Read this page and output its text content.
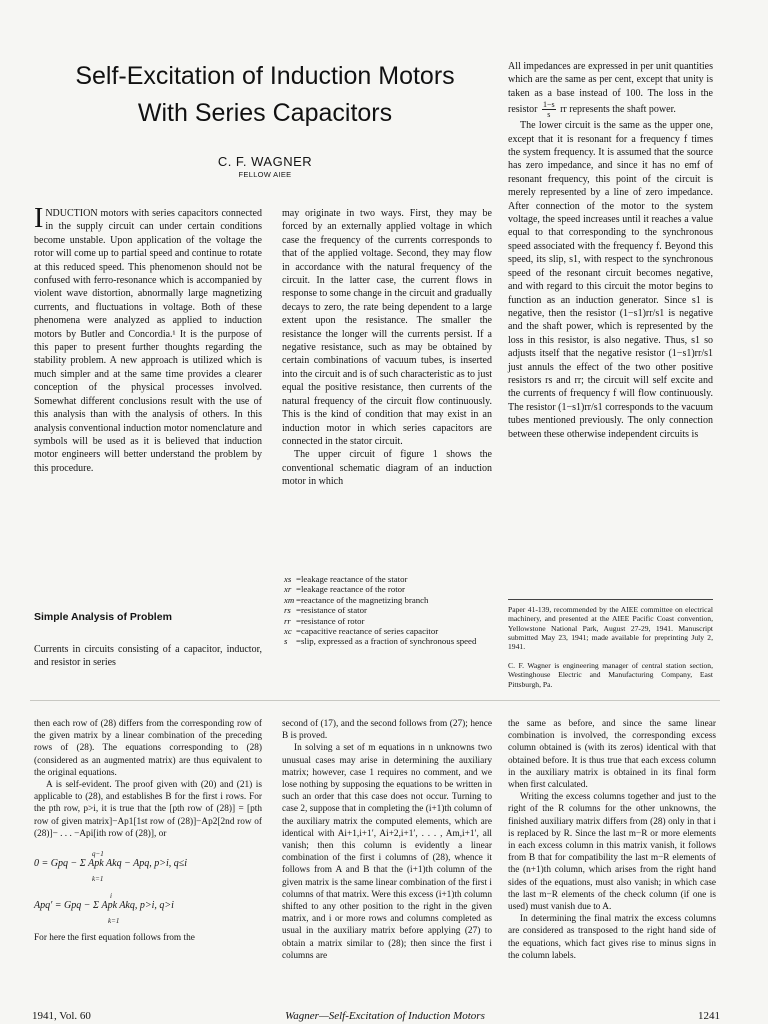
Self-Excitation of Induction Motors
With Series Capacitors
C. F. WAGNER
FELLOW AIEE

INDUCTION motors with series capacitors connected in the supply circuit can under certain conditions become unstable. Upon application of the voltage the rotor will come up to partial speed and continue to rotate at this reduced speed. This phenomenon should not be confused with ferro-resonance which is accompanied by violent wave distortion, abnormally large magnetizing currents, and fluctuations in voltage. Both of these phenomena were analyzed as applied to induction motors by Butler and Concordia.¹ It is the purpose of this paper to present further thoughts regarding the stability problem. A new approach is utilized which is much simpler and at the same time provides a clearer conception of the physical processes involved. Somewhat different conclusions result with the use of this analysis than with the analysis of others. In this analysis conventional induction motor nomenclature and symbols will be used as it is believed that induction motor engineers will better understand the problem by this procedure.

Simple Analysis of Problem

Currents in circuits consisting of a capacitor, inductor, and resistor in series

may originate in two ways. First, they may be forced by an externally applied voltage in which case the frequency of the currents corresponds to that of the applied voltage. Second, they may flow in accordance with the natural frequency of the circuit. In the latter case, the current flows in response to some change in the circuit and gradually decays to zero, the rate being dependent to a large extent upon the resistance. The smaller the resistance the longer will the currents persist. If a negative resistance, such as may be obtained by certain combinations of vacuum tubes, is inserted into the circuit and is of such characteristic as to just equal the positive resistance, then currents of the natural frequency of the circuit flow continuously. This is the kind of condition that may exist in an induction motor in which series capacitors are connected in the stator circuit.

The upper circuit of figure 1 shows the conventional schematic diagram of an induction motor in which

xs =leakage reactance of the stator
xr =leakage reactance of the rotor
xm =reactance of the magnetizing branch
rs =resistance of stator
rr =resistance of rotor
xc =capacitive reactance of series capacitor
s =slip, expressed as a fraction of synchronous speed

All impedances are expressed in per unit quantities which are the same as per cent, except that unity is taken as a base instead of 100. The loss in the resistor $\frac{1-s}{s}$ rr represents the shaft power.

The lower circuit is the same as the upper one, except that it is resonant for a frequency f times the system frequency. It is assumed that the source has zero impedance, and since it has no emf of resonant frequency, this point of the circuit is merely represented by a line of zero impedance. After connection of the motor to the system voltage, the speed increases until it reaches a value equal to that corresponding to the synchronous speed associated with the frequency f. Beyond this speed, its slip, s1, with respect to the synchronous speed of the resonant circuit becomes negative, and with regard to this circuit the motor begins to function as an induction generator. Since s1 is negative, then the resistor (1−s1)rr/s1 is negative and the shaft power, which is represented by the loss in this resistor, is also negative. Thus, s1 so adjusts itself that the negative resistor (1−s1)rr/s1 just annuls the effect of the two other positive resistors rs and rr; the circuit will self excite and the currents of frequency f will flow continuously. The resistor (1−s1)rr/s1 corresponds to the vacuum tubes mentioned previously. The only connection between these otherwise independent circuits is

Paper 41-139, recommended by the AIEE committee on electrical machinery, and presented at the AIEE Pacific Coast convention, Yellowstone National Park, August 27-29, 1941. Manuscript submitted May 23, 1941; made available for preprinting July 2, 1941.
C. F. Wagner is engineering manager of central station section, Westinghouse Electric and Manufacturing Company, East Pittsburgh, Pa.

then each row of (28) differs from the corresponding row of the given matrix by a linear combination of the preceding rows of (28). The equations corresponding to (28) (considered as an augmented matrix) are thus equivalent to the original equations.

A is self-evident. The proof given with (20) and (21) is applicable to (28), and establishes B for the first i rows. For the pth row, p>i, it is true that the [pth row of (28)] = [pth row of given matrix]−Ap1[1st row of (28)]−Ap2[2nd row of (28)]− . . . −Api[ith row of (28)], or

q−1
0 = Gpq − Σ Apk Akq − Apq, p>i, q≤i
k=1
i
Apq′ = Gpq − Σ Apk Akq, p>i, q>i
k=1

For here the first equation follows from the

second of (17), and the second follows from (27); hence B is proved.

In solving a set of m equations in n unknowns two unusual cases may arise in determining the auxiliary matrix; however, case 1 requires no comment, and we lose nothing by supposing the equations to be written in such an order that this case does not occur. Turning to case 2, suppose that in completing the (i+1)th column of the auxiliary matrix the computed elements, which are identical with Ai+1,i+1′, Ai+2,i+1′, . . . , Am,i+1′, all vanish; then this column is evidently a linear combination of the first i columns of (28), whence it follows from A and B that the (i+1)th column of the given matrix is the same linear combination of the first i columns of that matrix. Were this excess (i+1)th column shifted to any other position to the right in the given matrix, and i or more rows and columns completed as usual in the auxiliary matrix before applying (27) to obtain a matrix similar to (28); then since the first i columns are

the same as before, and since the same linear combination is involved, the corresponding excess column obtained is (with its zeros) identical with that obtained before. It is thus true that each excess column in the auxiliary matrix is obtained in its final form when first calculated.

Writing the excess columns together and just to the right of the R columns for the other unknowns, the finished auxiliary matrix differs from (28) only in that i is replaced by R. Since the last m−R or more elements in each excess column in this matrix vanish, it follows from B that for compatibility the last m−R elements of the (n+1)th column, which arises from the right hand sides of the equations, must also vanish; in which case the last m−R elements of the check column (if one is used) must vanish due to A.

In determining the final matrix the excess columns are considered as transposed to the right hand side of the equations, which fact gives rise to minus signs in the column labels.

1941, Vol. 60	Wagner—Self-Excitation of Induction Motors	1241
